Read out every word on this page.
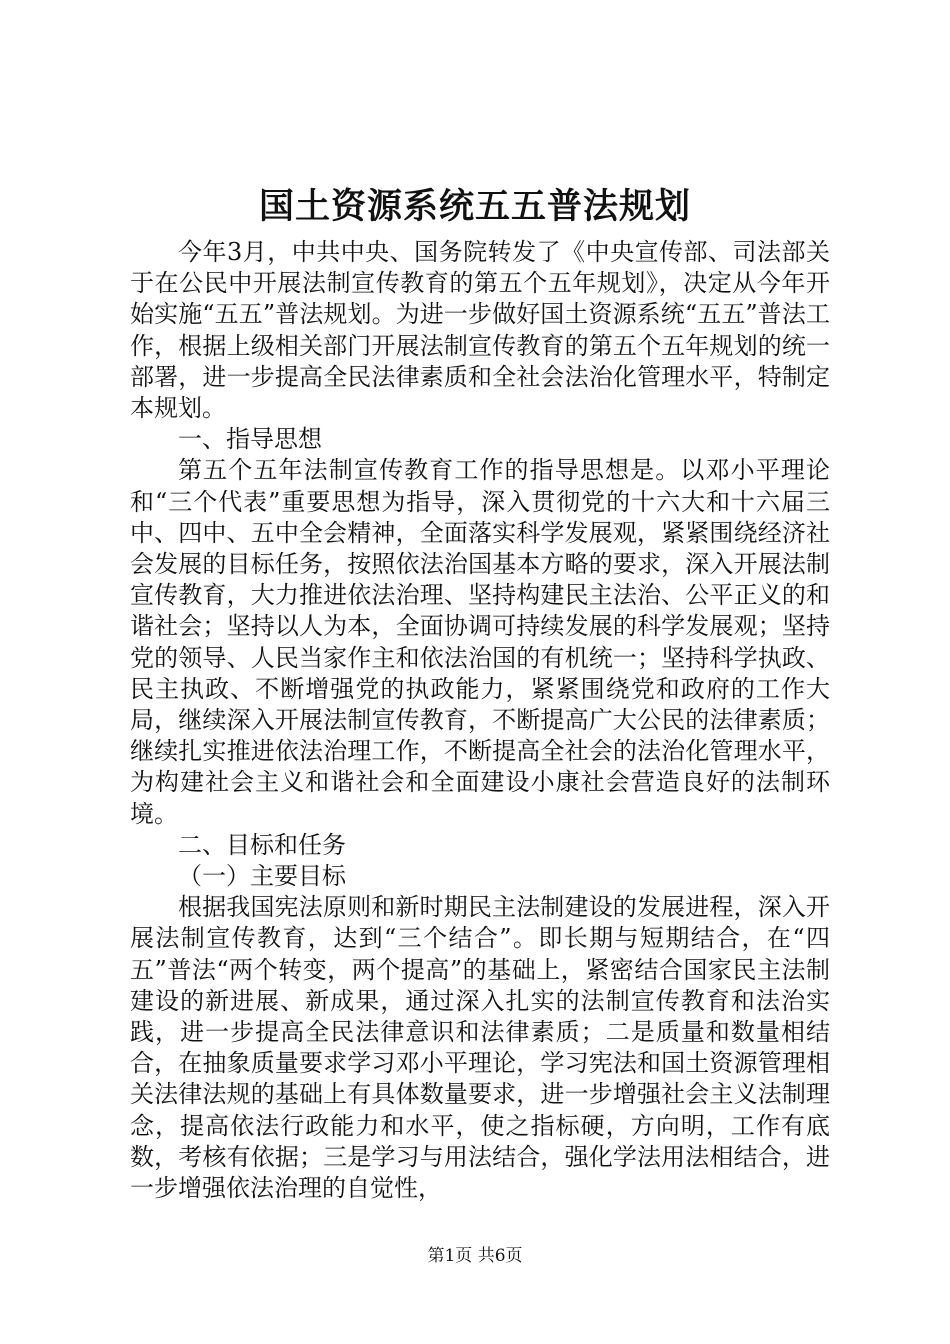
国土资源系统五五普法规划

今年3月，中共中央、国务院转发了《中央宣传部、司法部关于在公民中开展法制宣传教育的第五个五年规划》，决定从今年开始实施“五五”普法规划。为进一步做好国土资源系统“五五”普法工作，根据上级相关部门开展法制宣传教育的第五个五年规划的统一部署，进一步提高全民法律素质和全社会法治化管理水平，特制定本规划。

一、指导思想

第五个五年法制宣传教育工作的指导思想是。以邓小平理论和“三个代表”重要思想为指导，深入贯彻党的十六大和十六届三中、四中、五中全会精神，全面落实科学发展观，紧紧围绕经济社会发展的目标任务，按照依法治国基本方略的要求，深入开展法制宣传教育，大力推进依法治理、坚持构建民主法治、公平正义的和谐社会；坚持以人为本，全面协调可持续发展的科学发展观；坚持党的领导、人民当家作主和依法治国的有机统一；坚持科学执政、民主执政、不断增强党的执政能力，紧紧围绕党和政府的工作大局，继续深入开展法制宣传教育，不断提高广大公民的法律素质；继续扎实推进依法治理工作，不断提高全社会的法治化管理水平，为构建社会主义和谐社会和全面建设小康社会营造良好的法制环境。

二、目标和任务

（一）主要目标

根据我国宪法原则和新时期民主法制建设的发展进程，深入开展法制宣传教育，达到“三个结合”。即长期与短期结合，在“四五”普法“两个转变，两个提高”的基础上，紧密结合国家民主法制建设的新进展、新成果，通过深入扎实的法制宣传教育和法治实践，进一步提高全民法律意识和法律素质；二是质量和数量相结合，在抽象质量要求学习邓小平理论，学习宪法和国土资源管理相关法律法规的基础上有具体数量要求，进一步增强社会主义法制理念，提高依法行政能力和水平，使之指标硬，方向明，工作有底数，考核有依据；三是学习与用法结合，强化学法用法相结合，进一步增强依法治理的自觉性，

第1页 共6页
